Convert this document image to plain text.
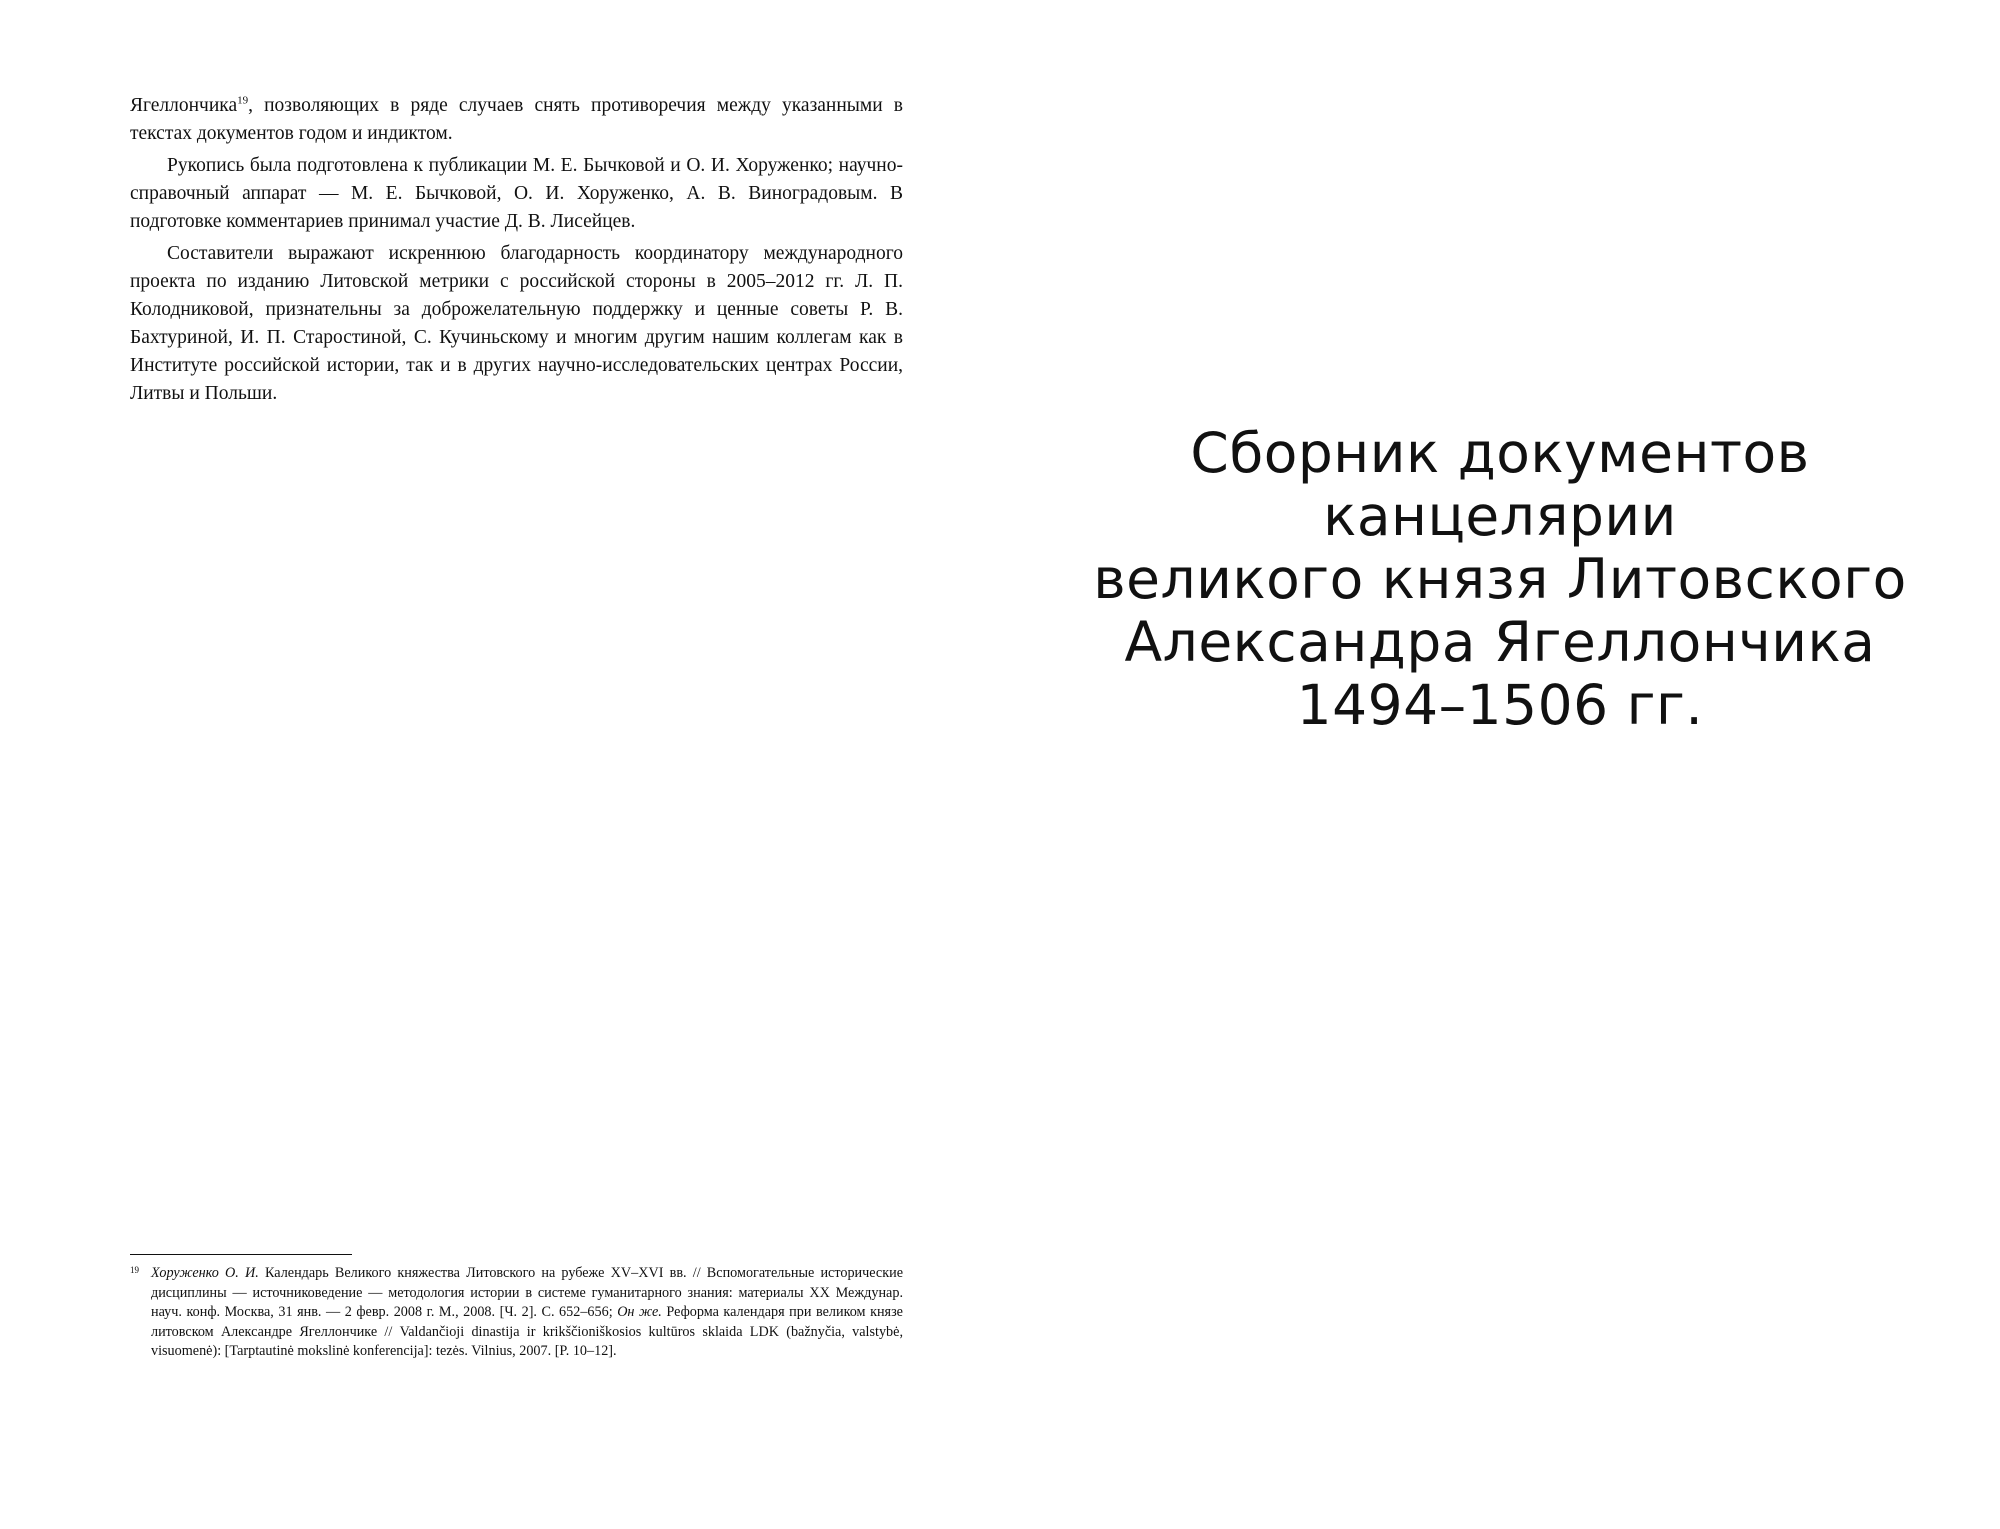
Ягеллончика$^{19}$, позволяющих в ряде случаев снять противоречия между указанными в текстах документов годом и индиктом.

Рукопись была подготовлена к публикации М. Е. Бычковой и О. И. Хоруженко; научно-справочный аппарат — М. Е. Бычковой, О. И. Хоруженко, А. В. Виноградовым. В подготовке комментариев принимал участие Д. В. Лисейцев.

Составители выражают искреннюю благодарность координатору международного проекта по изданию Литовской метрики с российской стороны в 2005–2012 гг. Л. П. Колодниковой, признательны за доброжелательную поддержку и ценные советы Р. В. Бахтуриной, И. П. Старостиной, С. Кучиньскому и многим другим нашим коллегам как в Институте российской истории, так и в других научно-исследовательских центрах России, Литвы и Польши.

19 Хоруженко О. И. Календарь Великого княжества Литовского на рубеже XV–XVI вв. // Вспомогательные исторические дисциплины — источниковедение — методология истории в системе гуманитарного знания: материалы XX Междунар. науч. конф. Москва, 31 янв. — 2 февр. 2008 г. М., 2008. [Ч. 2]. С. 652–656; Он же. Реформа календаря при великом князе литовском Александре Ягеллончике // Valdančioji dinastija ir krikščioniškosios kultūros sklaida LDK (bažnyčia, valstybė, visuomenė): [Tarptautinė mokslinė konferencija]: tezės. Vilnius, 2007. [P. 10–12].
Сборник документов
канцелярии
великого князя Литовского
Александра Ягеллончика
1494–1506 гг.
